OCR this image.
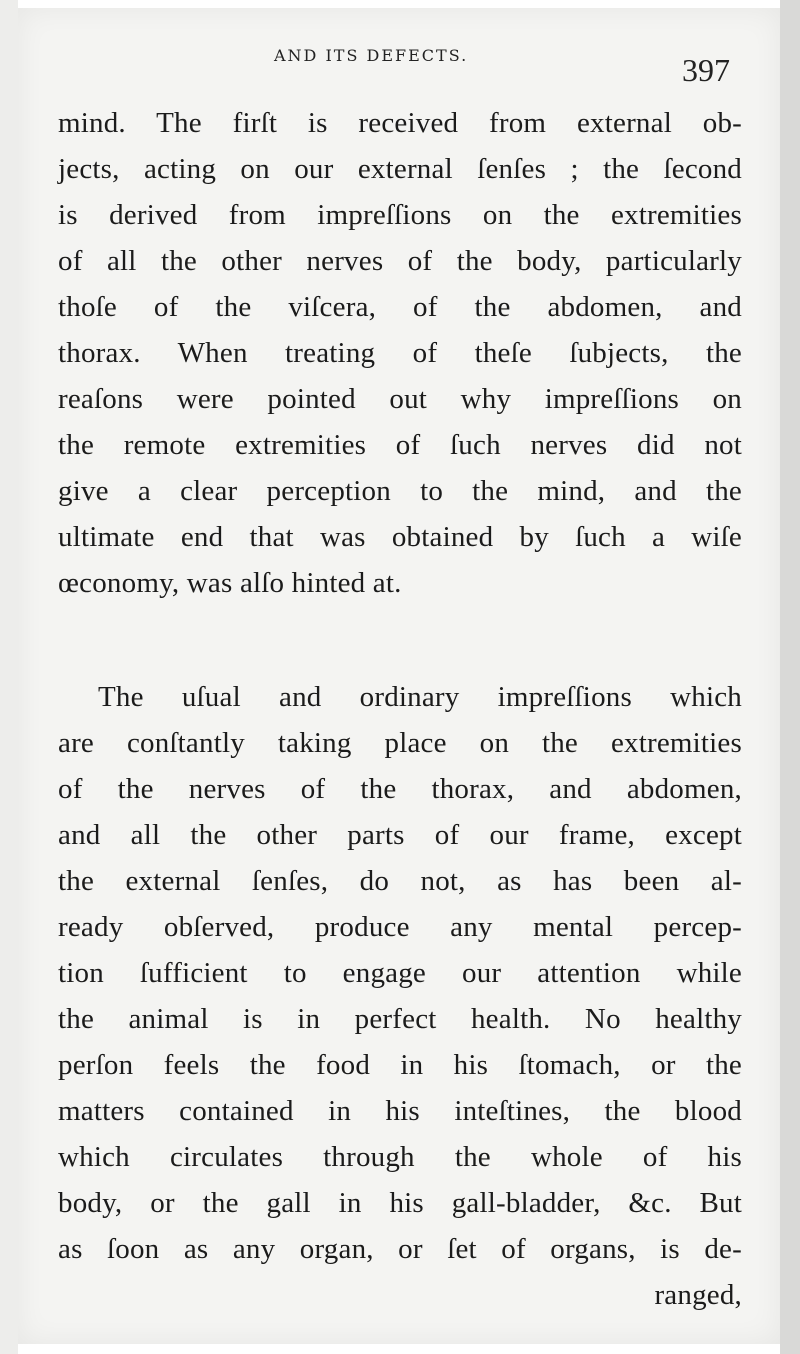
AND ITS DEFECTS.	397
mind. The firſt is received from external ob-
jects, acting on our external ſenſes ; the ſecond
is derived from impreſſions on the extremities
of all the other nerves of the body, particularly
thoſe of the viſcera, of the abdomen, and
thorax. When treating of theſe ſubjects, the
reaſons were pointed out why impreſſions on
the remote extremities of ſuch nerves did not
give a clear perception to the mind, and the
ultimate end that was obtained by ſuch a wiſe
œconomy, was alſo hinted at.
The uſual and ordinary impreſſions which
are conſtantly taking place on the extremities
of the nerves of the thorax, and abdomen,
and all the other parts of our frame, except
the external ſenſes, do not, as has been al-
ready obſerved, produce any mental percep-
tion ſufficient to engage our attention while
the animal is in perfect health. No healthy
perſon feels the food in his ſtomach, or the
matters contained in his inteſtines, the blood
which circulates through the whole of his
body, or the gall in his gall-bladder, &c. But
as ſoon as any organ, or ſet of organs, is de-
ranged,
